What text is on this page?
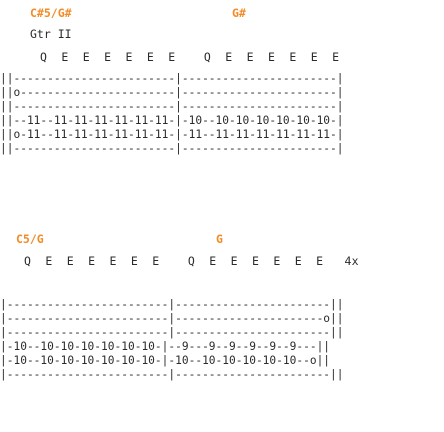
C#5/G#	G#
Gtr II
Q  E  E  E  E  E  E    Q  E  E  E  E  E  E
||------------------------|-----------------------|
||o-----------------------|-----------------------|
||------------------------|-----------------------|
||--11--11-11-11-11-11-11-|-10--10-10-10-10-10-10-|
||o-11--11-11-11-11-11-11-|-11--11-11-11-11-11-11-|
||------------------------|-----------------------|
C5/G	G
Q  E  E  E  E  E  E    Q  E  E  E  E  E  E   4x
|------------------------|-----------------------||
|------------------------|----------------------o||
|------------------------|-----------------------||
|-10--10-10-10-10-10-10-|--9---9--9--9--9--9---||
|-10--10-10-10-10-10-10-|-10--10-10-10-10-10--o||
|------------------------|-----------------------||
